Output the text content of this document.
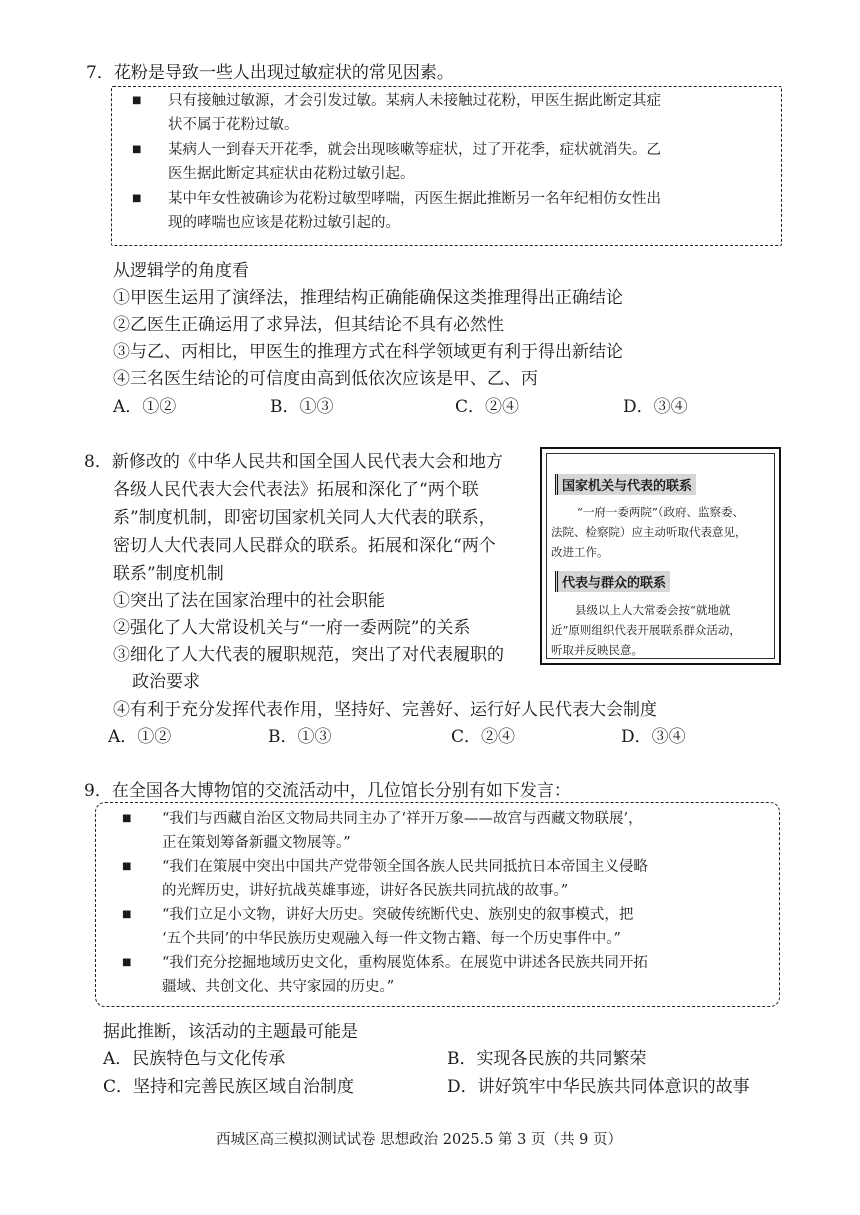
7．花粉是导致一些人出现过敏症状的常见因素。
■ 只有接触过敏源，才会引发过敏。某病人未接触过花粉，甲医生据此断定其症
状不属于花粉过敏。
■ 某病人一到春天开花季，就会出现咳嗽等症状，过了开花季，症状就消失。乙
医生据此断定其症状由花粉过敏引起。
■ 某中年女性被确诊为花粉过敏型哮喘，丙医生据此推断另一名年纪相仿女性出
现的哮喘也应该是花粉过敏引起的。
从逻辑学的角度看
①甲医生运用了演绎法，推理结构正确能确保这类推理得出正确结论
②乙医生正确运用了求异法，但其结论不具有必然性
③与乙、丙相比，甲医生的推理方式在科学领域更有利于得出新结论
④三名医生结论的可信度由高到低依次应该是甲、乙、丙
A．①②	B．①③	C．②④	D．③④
8．新修改的《中华人民共和国全国人民代表大会和地方
各级人民代表大会代表法》拓展和深化了“两个联
系”制度机制，即密切国家机关同人大代表的联系，
密切人大代表同人民群众的联系。拓展和深化“两个
联系”制度机制
①突出了法在国家治理中的社会职能
②强化了人大常设机关与“一府一委两院”的关系
③细化了人大代表的履职规范，突出了对代表履职的
政治要求
④有利于充分发挥代表作用，坚持好、完善好、运行好人民代表大会制度
A．①②	B．①③	C．②④	D．③④
国家机关与代表的联系
“一府一委两院”（政府、监察委、
法院、检察院）应主动听取代表意见，
改进工作。
代表与群众的联系
县级以上人大常委会按“就地就
近”原则组织代表开展联系群众活动，
听取并反映民意。
9．在全国各大博物馆的交流活动中，几位馆长分别有如下发言：
■ “我们与西藏自治区文物局共同主办了‘祥开万象——故宫与西藏文物联展’，
正在策划筹备新疆文物展等。”
■ “我们在策展中突出中国共产党带领全国各族人民共同抵抗日本帝国主义侵略
的光辉历史，讲好抗战英雄事迹，讲好各民族共同抗战的故事。”
■ “我们立足小文物，讲好大历史。突破传统断代史、族别史的叙事模式，把
‘五个共同’的中华民族历史观融入每一件文物古籍、每一个历史事件中。”
■ “我们充分挖掘地域历史文化，重构展览体系。在展览中讲述各民族共同开拓
疆域、共创文化、共守家园的历史。”
据此推断，该活动的主题最可能是
A．民族特色与文化传承	B．实现各民族的共同繁荣
C．坚持和完善民族区域自治制度	D．讲好筑牢中华民族共同体意识的故事
西城区高三模拟测试试卷 思想政治 2025.5 第 3 页（共 9 页）
